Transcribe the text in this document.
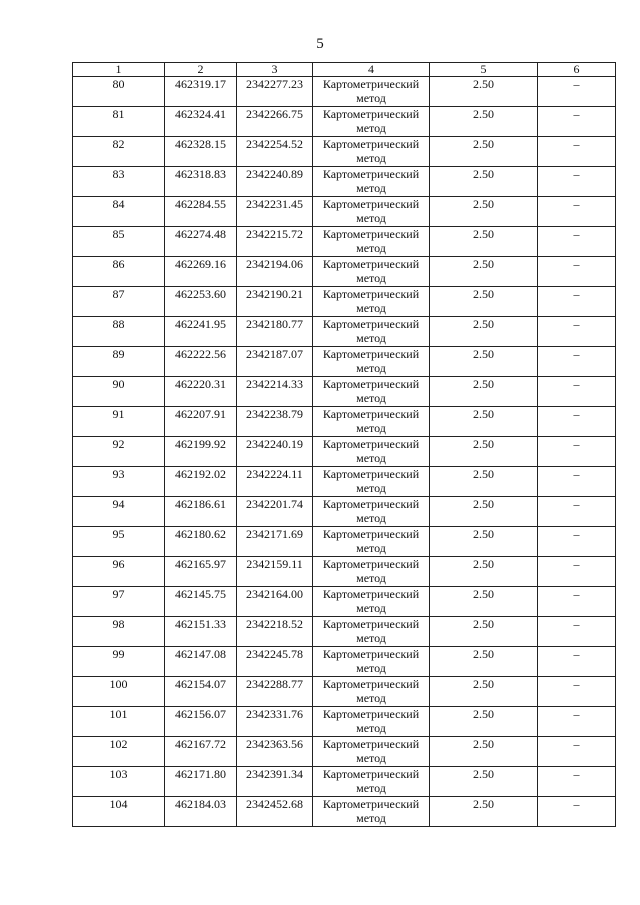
5
1	2	3	4	5	6
80	462319.17	2342277.23	Картометрический метод	2.50	–
81	462324.41	2342266.75	Картометрический метод	2.50	–
82	462328.15	2342254.52	Картометрический метод	2.50	–
83	462318.83	2342240.89	Картометрический метод	2.50	–
84	462284.55	2342231.45	Картометрический метод	2.50	–
85	462274.48	2342215.72	Картометрический метод	2.50	–
86	462269.16	2342194.06	Картометрический метод	2.50	–
87	462253.60	2342190.21	Картометрический метод	2.50	–
88	462241.95	2342180.77	Картометрический метод	2.50	–
89	462222.56	2342187.07	Картометрический метод	2.50	–
90	462220.31	2342214.33	Картометрический метод	2.50	–
91	462207.91	2342238.79	Картометрический метод	2.50	–
92	462199.92	2342240.19	Картометрический метод	2.50	–
93	462192.02	2342224.11	Картометрический метод	2.50	–
94	462186.61	2342201.74	Картометрический метод	2.50	–
95	462180.62	2342171.69	Картометрический метод	2.50	–
96	462165.97	2342159.11	Картометрический метод	2.50	–
97	462145.75	2342164.00	Картометрический метод	2.50	–
98	462151.33	2342218.52	Картометрический метод	2.50	–
99	462147.08	2342245.78	Картометрический метод	2.50	–
100	462154.07	2342288.77	Картометрический метод	2.50	–
101	462156.07	2342331.76	Картометрический метод	2.50	–
102	462167.72	2342363.56	Картометрический метод	2.50	–
103	462171.80	2342391.34	Картометрический метод	2.50	–
104	462184.03	2342452.68	Картометрический метод	2.50	–
